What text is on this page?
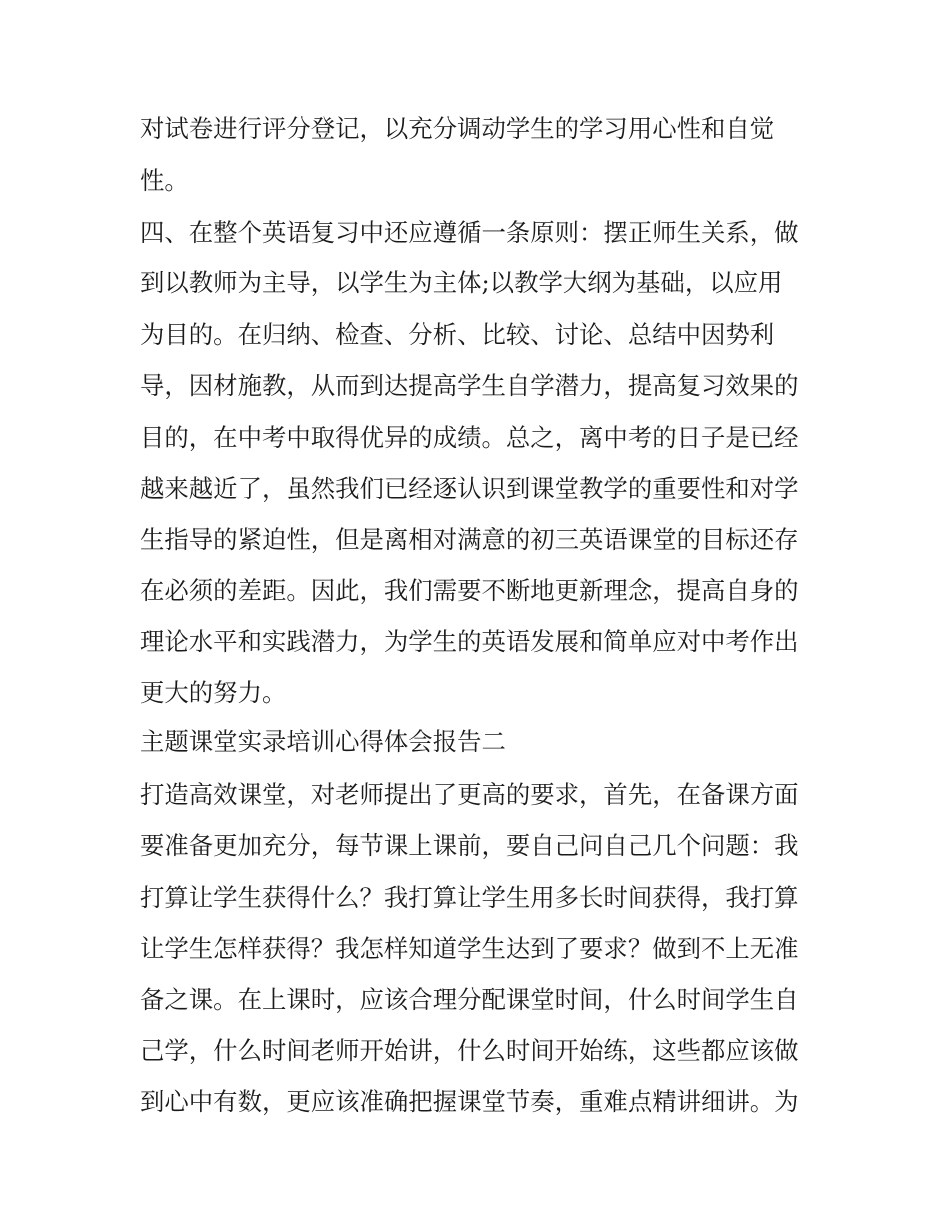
对试卷进行评分登记，以充分调动学生的学习用心性和自觉
性。
四、在整个英语复习中还应遵循一条原则：摆正师生关系，做
到以教师为主导，以学生为主体;以教学大纲为基础，以应用
为目的。在归纳、检查、分析、比较、讨论、总结中因势利
导，因材施教，从而到达提高学生自学潜力，提高复习效果的
目的，在中考中取得优异的成绩。总之，离中考的日子是已经
越来越近了，虽然我们已经逐认识到课堂教学的重要性和对学
生指导的紧迫性，但是离相对满意的初三英语课堂的目标还存
在必须的差距。因此，我们需要不断地更新理念，提高自身的
理论水平和实践潜力，为学生的英语发展和简单应对中考作出
更大的努力。
主题课堂实录培训心得体会报告二
打造高效课堂，对老师提出了更高的要求，首先，在备课方面
要准备更加充分，每节课上课前，要自己问自己几个问题：我
打算让学生获得什么？我打算让学生用多长时间获得，我打算
让学生怎样获得？我怎样知道学生达到了要求？做到不上无准
备之课。在上课时，应该合理分配课堂时间，什么时间学生自
己学，什么时间老师开始讲，什么时间开始练，这些都应该做
到心中有数，更应该准确把握课堂节奏，重难点精讲细讲。为
